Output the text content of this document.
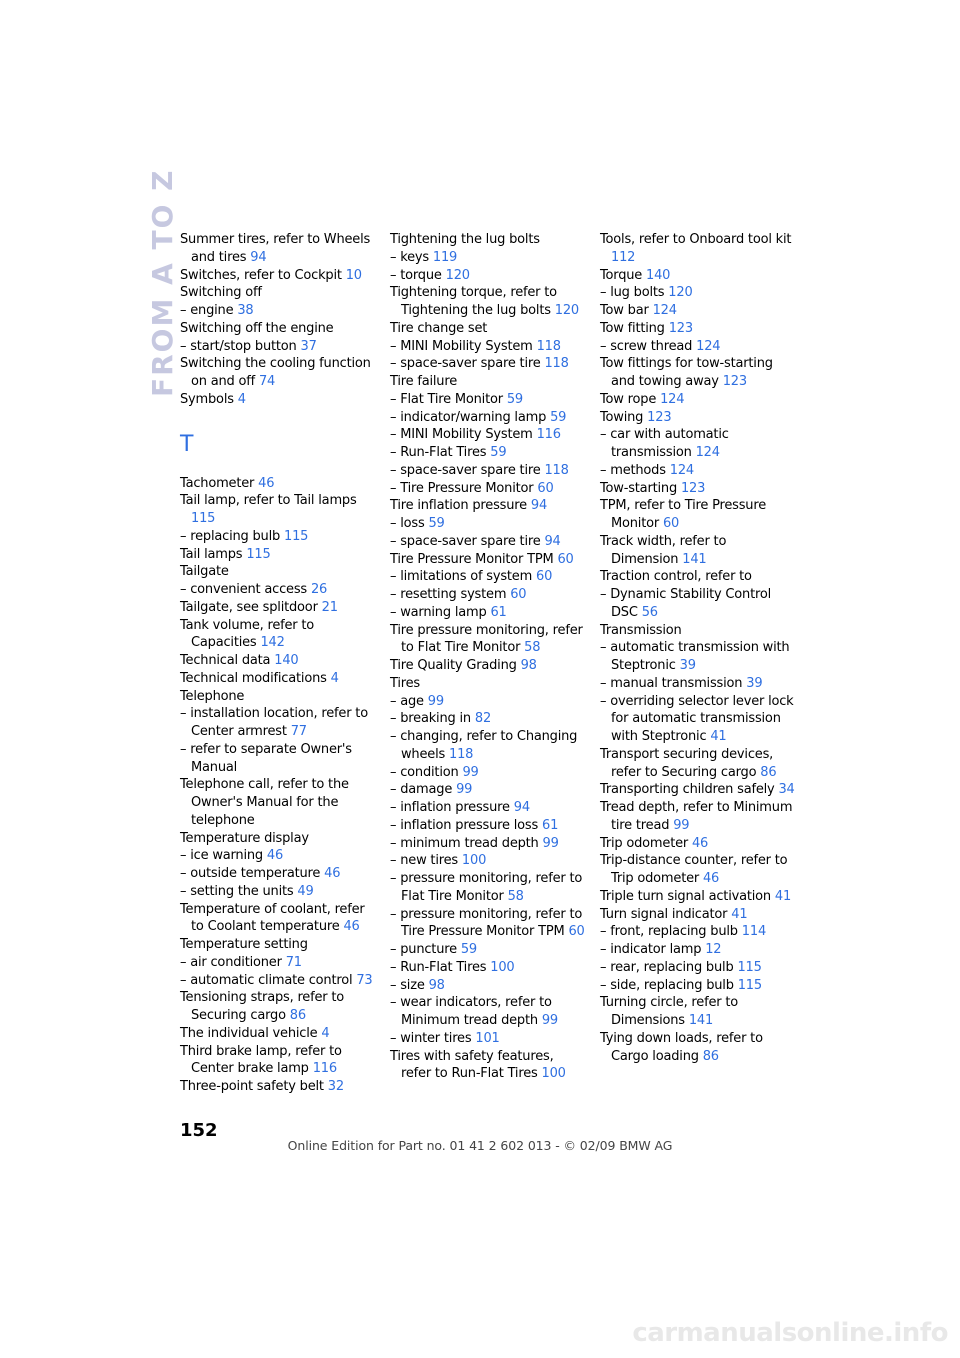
FROM A TO Z Summer tires, refer to Wheels and tires 94
Switches, refer to Cockpit 10
Switching off
– engine 38
Switching off the engine
– start/stop button 37
Switching the cooling function on and off 74
Symbols 4
T
Tachometer 46
Tail lamp, refer to Tail lamps 115
– replacing bulb 115
Tail lamps 115
Tailgate
– convenient access 26
Tailgate, see splitdoor 21
Tank volume, refer to Capacities 142
Technical data 140
Technical modifications 4
Telephone
– installation location, refer to Center armrest 77
– refer to separate Owner's Manual
Telephone call, refer to the Owner's Manual for the telephone
Temperature display
– ice warning 46
– outside temperature 46
– setting the units 49
Temperature of coolant, refer to Coolant temperature 46
Temperature setting
– air conditioner 71
– automatic climate control 73
Tensioning straps, refer to Securing cargo 86
The individual vehicle 4
Third brake lamp, refer to Center brake lamp 116
Three-point safety belt 32
Tightening the lug bolts
– keys 119
– torque 120
Tightening torque, refer to Tightening the lug bolts 120
Tire change set
– MINI Mobility System 118
– space-saver spare tire 118
Tire failure
– Flat Tire Monitor 59
– indicator/warning lamp 59
– MINI Mobility System 116
– Run-Flat Tires 59
– space-saver spare tire 118
– Tire Pressure Monitor 60
Tire inflation pressure 94
– loss 59
– space-saver spare tire 94
Tire Pressure Monitor TPM 60
– limitations of system 60
– resetting system 60
– warning lamp 61
Tire pressure monitoring, refer to Flat Tire Monitor 58
Tire Quality Grading 98
Tires
– age 99
– breaking in 82
– changing, refer to Changing wheels 118
– condition 99
– damage 99
– inflation pressure 94
– inflation pressure loss 61
– minimum tread depth 99
– new tires 100
– pressure monitoring, refer to Flat Tire Monitor 58
– pressure monitoring, refer to Tire Pressure Monitor TPM 60
– puncture 59
– Run-Flat Tires 100
– size 98
– wear indicators, refer to Minimum tread depth 99
– winter tires 101
Tires with safety features, refer to Run-Flat Tires 100
Tools, refer to Onboard tool kit 112
Torque 140
– lug bolts 120
Tow bar 124
Tow fitting 123
– screw thread 124
Tow fittings for tow-starting and towing away 123
Tow rope 124
Towing 123
– car with automatic transmission 124
– methods 124
Tow-starting 123
TPM, refer to Tire Pressure Monitor 60
Track width, refer to Dimension 141
Traction control, refer to
– Dynamic Stability Control DSC 56
Transmission
– automatic transmission with Steptronic 39
– manual transmission 39
– overriding selector lever lock for automatic transmission with Steptronic 41
Transport securing devices, refer to Securing cargo 86
Transporting children safely 34
Tread depth, refer to Minimum tire tread 99
Trip odometer 46
Trip-distance counter, refer to Trip odometer 46
Triple turn signal activation 41
Turn signal indicator 41
– front, replacing bulb 114
– indicator lamp 12
– rear, replacing bulb 115
– side, replacing bulb 115
Turning circle, refer to Dimensions 141
Tying down loads, refer to Cargo loading 86
152
Online Edition for Part no. 01 41 2 602 013 - © 02/09 BMW AG
carmanualsonline.info
